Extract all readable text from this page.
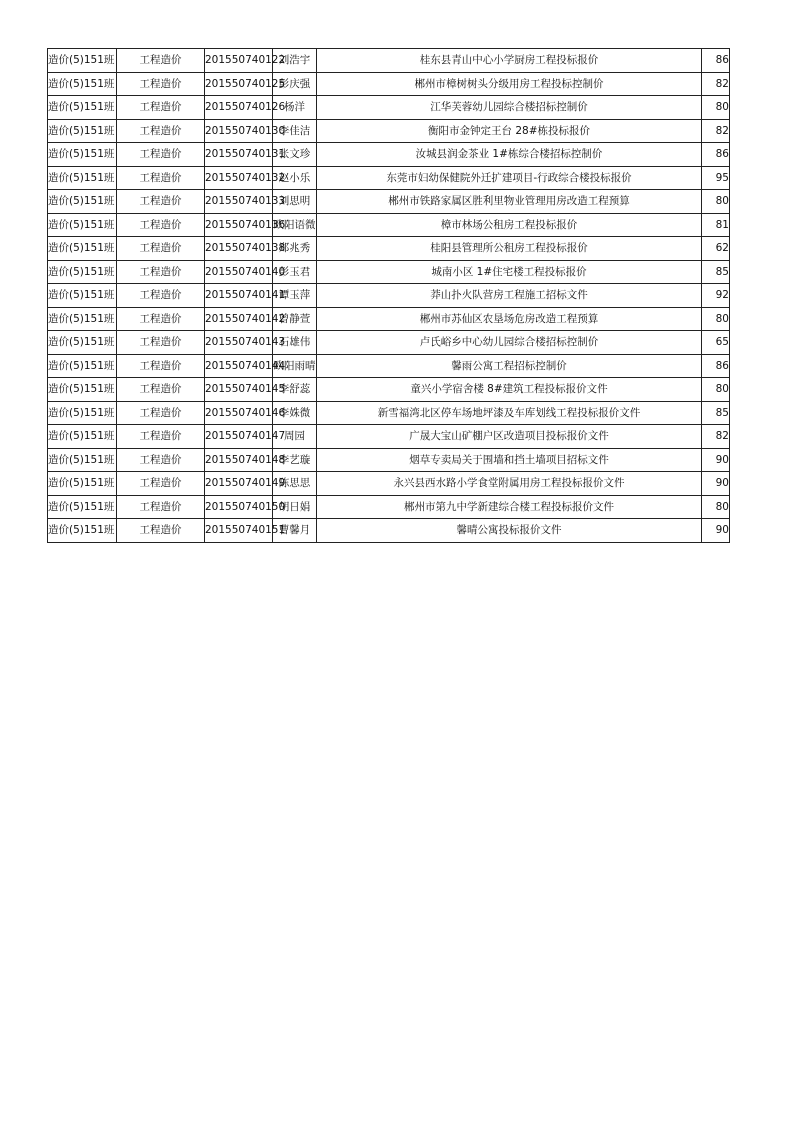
造价(5)151班	工程造价	201550740122	刘浩宇	桂东县青山中心小学厨房工程投标报价	86
造价(5)151班	工程造价	201550740125	彭庆强	郴州市樟树树头分级用房工程投标控制价	82
造价(5)151班	工程造价	201550740126	杨洋	江华芙蓉幼儿园综合楼招标控制价	80
造价(5)151班	工程造价	201550740130	李佳洁	衡阳市金钟定王台 28#栋投标报价	82
造价(5)151班	工程造价	201550740131	张文珍	汝城县润金茶业 1#栋综合楼招标控制价	86
造价(5)151班	工程造价	201550740132	赵小乐	东莞市妇幼保健院外迁扩建项目-行政综合楼投标报价	95
造价(5)151班	工程造价	201550740133	刘思明	郴州市铁路家属区胜利里物业管理用房改造工程预算	80
造价(5)151班	工程造价	201550740136	欧阳语微	樟市林场公租房工程投标报价	81
造价(5)151班	工程造价	201550740138	郑兆秀	桂阳县管理所公租房工程投标报价	62
造价(5)151班	工程造价	201550740140	彭玉君	城南小区 1#住宅楼工程投标报价	85
造价(5)151班	工程造价	201550740141	谭玉萍	莽山扑火队营房工程施工招标文件	92
造价(5)151班	工程造价	201550740142	曾静萱	郴州市苏仙区农垦场危房改造工程预算	80
造价(5)151班	工程造价	201550740143	石雄伟	卢氏峪乡中心幼儿园综合楼招标控制价	65
造价(5)151班	工程造价	201550740144	欧阳雨晴	馨雨公寓工程招标控制价	86
造价(5)151班	工程造价	201550740145	李舒蕊	童兴小学宿舍楼 8#建筑工程投标报价文件	80
造价(5)151班	工程造价	201550740146	李姝微	新雪福湾北区停车场地坪漆及车库划线工程投标报价文件	85
造价(5)151班	工程造价	201550740147	周园	广晟大宝山矿棚户区改造项目投标报价文件	82
造价(5)151班	工程造价	201550740148	李艺璇	烟草专卖局关于围墙和挡土墙项目招标文件	90
造价(5)151班	工程造价	201550740149	陈思思	永兴县西水路小学食堂附属用房工程投标报价文件	90
造价(5)151班	工程造价	201550740150	胡日娟	郴州市第九中学新建综合楼工程投标报价文件	80
造价(5)151班	工程造价	201550740151	曹馨月	馨晴公寓投标报价文件	90
